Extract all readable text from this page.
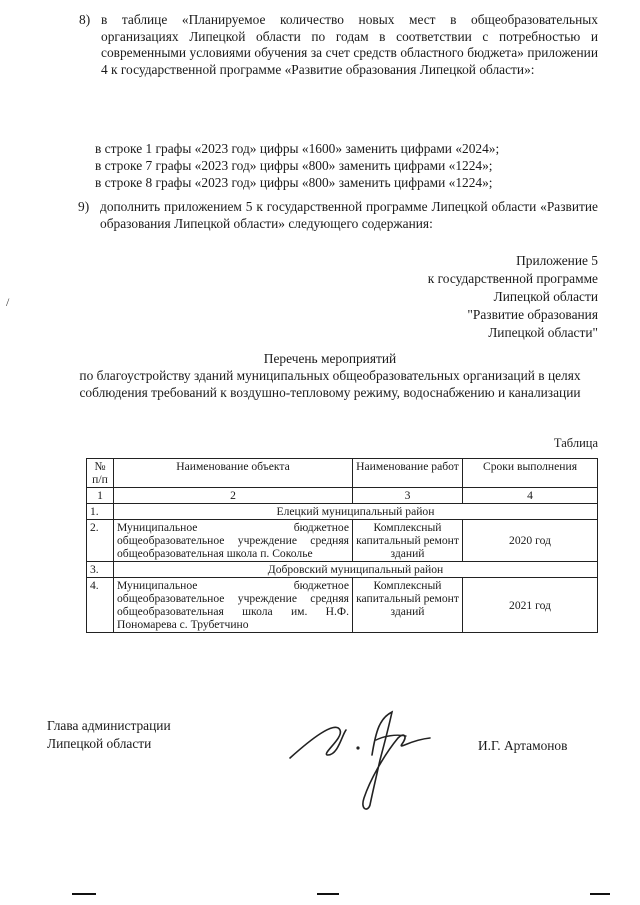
8) в таблице «Планируемое количество новых мест в общеобразовательных организациях Липецкой области по годам в соответствии с потребностью и современными условиями обучения за счет средств областного бюджета» приложении 4 к государственной программе «Развитие образования Липецкой области»:
в строке 1 графы «2023 год» цифры «1600» заменить цифрами «2024»;
в строке 7 графы «2023 год» цифры «800» заменить цифрами «1224»;
в строке 8 графы «2023 год» цифры «800» заменить цифрами «1224»;
9) дополнить приложением 5 к государственной программе Липецкой области «Развитие образования Липецкой области» следующего содержания:
Приложение 5
к государственной программе
Липецкой области
"Развитие образования
Липецкой области"
/
Перечень мероприятий
по благоустройству зданий муниципальных общеобразовательных организаций в целях соблюдения требований к воздушно-тепловому режиму, водоснабжению и канализации
Таблица
№ п/п	Наименование объекта	Наименование работ	Сроки выполнения
1	2	3	4
1.	Елецкий муниципальный район		
2.	Муниципальное бюджетное общеобразовательное учреждение средняя общеобразовательная школа п. Соколье	Комплексный капитальный ремонт зданий	2020 год
3.	Добровский муниципальный район		
4.	Муниципальное бюджетное общеобразовательное учреждение средняя общеобразовательная школа им. Н.Ф. Пономарева с. Трубетчино	Комплексный капитальный ремонт зданий	2021 год
Глава администрации
Липецкой области	И.Г. Артамонов
